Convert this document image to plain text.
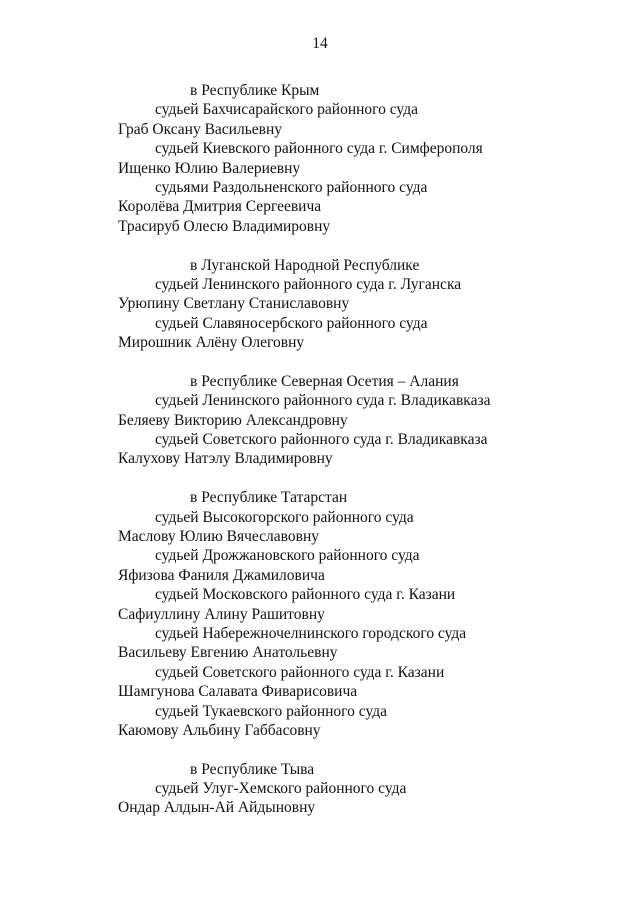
14
в Республике Крым
судьей Бахчисарайского районного суда
Граб Оксану Васильевну
судьей Киевского районного суда г. Симферополя
Ищенко Юлию Валериевну
судьями Раздольненского районного суда
Королёва Дмитрия Сергеевича
Трасируб Олесю Владимировну
в Луганской Народной Республике
судьей Ленинского районного суда г. Луганска
Урюпину Светлану Станиславовну
судьей Славяносербского районного суда
Мирошник Алёну Олеговну
в Республике Северная Осетия – Алания
судьей Ленинского районного суда г. Владикавказа
Беляеву Викторию Александровну
судьей Советского районного суда г. Владикавказа
Калухову Натэлу Владимировну
в Республике Татарстан
судьей Высокогорского районного суда
Маслову Юлию Вячеславовну
судьей Дрожжановского районного суда
Яфизова Фаниля Джамиловича
судьей Московского районного суда г. Казани
Сафиуллину Алину Рашитовну
судьей Набережночелнинского городского суда
Васильеву Евгению Анатольевну
судьей Советского районного суда г. Казани
Шамгунова Салавата Фиварисовича
судьей Тукаевского районного суда
Каюмову Альбину Габбасовну
в Республике Тыва
судьей Улуг-Хемского районного суда
Ондар Алдын-Ай Айдыновну
